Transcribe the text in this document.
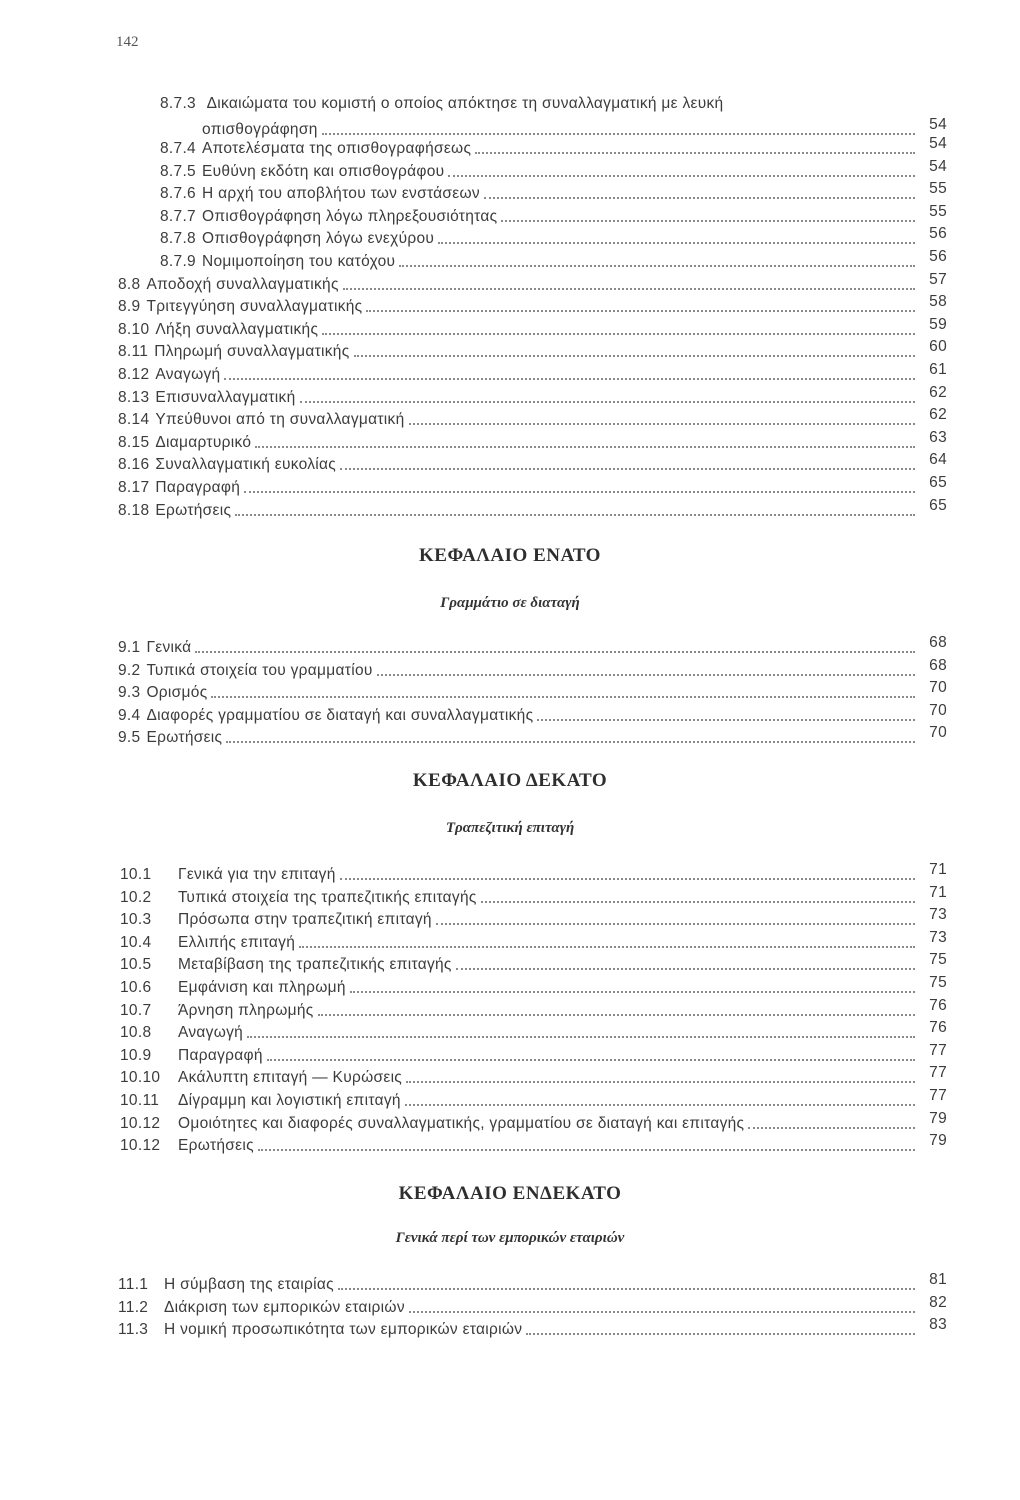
142
8.7.3 Δικαιώματα του κομιστή ο οποίος απόκτησε τη συναλλαγματική με λευκή
οπισθογράφηση	54
8.7.4 Αποτελέσματα της οπισθογραφήσεως	54
8.7.5 Ευθύνη εκδότη και οπισθογράφου	54
8.7.6 Η αρχή του αποβλήτου των ενστάσεων	55
8.7.7 Οπισθογράφηση λόγω πληρεξουσιότητας	55
8.7.8 Οπισθογράφηση λόγω ενεχύρου	56
8.7.9 Νομιμοποίηση του κατόχου	56
8.8 Αποδοχή συναλλαγματικής	57
8.9 Τριτεγγύηση συναλλαγματικής	58
8.10 Λήξη συναλλαγματικής	59
8.11 Πληρωμή συναλλαγματικής	60
8.12 Αναγωγή	61
8.13 Επισυναλλαγματική	62
8.14 Υπεύθυνοι από τη συναλλαγματική	62
8.15 Διαμαρτυρικό	63
8.16 Συναλλαγματική ευκολίας	64
8.17 Παραγραφή	65
8.18 Ερωτήσεις	65
ΚΕΦΑΛΑΙΟ ΕΝΑΤΟ
Γραμμάτιο σε διαταγή
9.1 Γενικά	68
9.2 Τυπικά στοιχεία του γραμματίου	68
9.3 Ορισμός	70
9.4 Διαφορές γραμματίου σε διαταγή και συναλλαγματικής	70
9.5 Ερωτήσεις	70
ΚΕΦΑΛΑΙΟ ΔΕΚΑΤΟ
Τραπεζιτική επιταγή
10.1	Γενικά για την επιταγή	71
10.2	Τυπικά στοιχεία της τραπεζιτικής επιταγής	71
10.3	Πρόσωπα στην τραπεζιτική επιταγή	73
10.4	Ελλιπής επιταγή	73
10.5	Μεταβίβαση της τραπεζιτικής επιταγής	75
10.6	Εμφάνιση και πληρωμή	75
10.7	Άρνηση πληρωμής	76
10.8	Αναγωγή	76
10.9	Παραγραφή	77
10.10	Ακάλυπτη επιταγή — Κυρώσεις	77
10.11	Δίγραμμη και λογιστική επιταγή	77
10.12	Ομοιότητες και διαφορές συναλλαγματικής, γραμματίου σε διαταγή και επιταγής	79
10.12	Ερωτήσεις	79
ΚΕΦΑΛΑΙΟ ΕΝΔΕΚΑΤΟ
Γενικά περί των εμπορικών εταιριών
11.1	Η σύμβαση της εταιρίας	81
11.2	Διάκριση των εμπορικών εταιριών	82
11.3	Η νομική προσωπικότητα των εμπορικών εταιριών	83
